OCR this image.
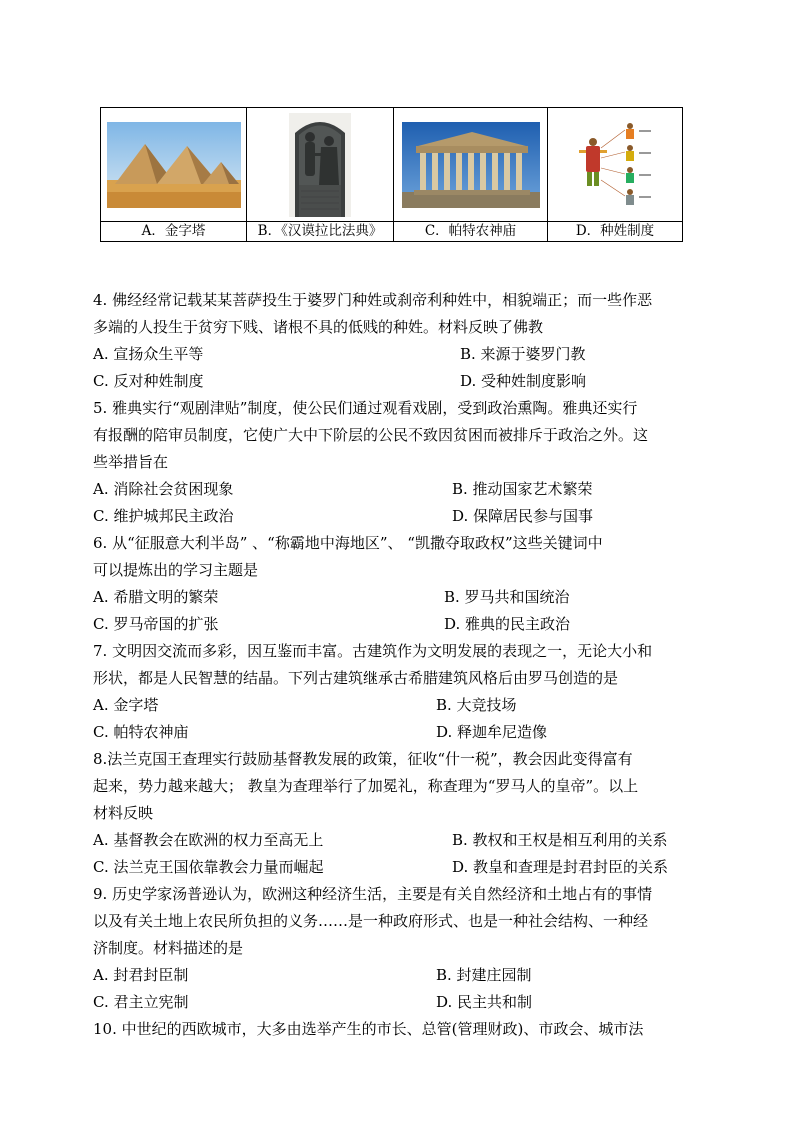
A．金字塔	B．《汉谟拉比法典》	C．帕特农神庙	D．种姓制度
4. 佛经经常记载某某菩萨投生于婆罗门种姓或刹帝利种姓中，相貌端正；而一些作恶
多端的人投生于贫穷下贱、诸根不具的低贱的种姓。材料反映了佛教
A. 宣扬众生平等	B. 来源于婆罗门教
C. 反对种姓制度	D. 受种姓制度影响
5. 雅典实行“观剧津贴”制度，使公民们通过观看戏剧，受到政治熏陶。雅典还实行
有报酬的陪审员制度，它使广大中下阶层的公民不致因贫困而被排斥于政治之外。这
些举措旨在
A. 消除社会贫困现象	B. 推动国家艺术繁荣
C. 维护城邦民主政治	D. 保障居民参与国事
6. 从“征服意大利半岛” 、“称霸地中海地区”、 “凯撒夺取政权”这些关键词中
可以提炼出的学习主题是
A. 希腊文明的繁荣	B. 罗马共和国统治
C. 罗马帝国的扩张	D. 雅典的民主政治
7. 文明因交流而多彩，因互鉴而丰富。古建筑作为文明发展的表现之一，无论大小和
形状，都是人民智慧的结晶。下列古建筑继承古希腊建筑风格后由罗马创造的是
A. 金字塔	B. 大竞技场
C. 帕特农神庙	D. 释迦牟尼造像
8.法兰克国王查理实行鼓励基督教发展的政策，征收“什一税”，教会因此变得富有
起来，势力越来越大； 教皇为查理举行了加冕礼，称查理为“罗马人的皇帝”。以上
材料反映
A. 基督教会在欧洲的权力至高无上	B. 教权和王权是相互利用的关系
C. 法兰克王国依靠教会力量而崛起	D. 教皇和查理是封君封臣的关系
9. 历史学家汤普逊认为，欧洲这种经济生活，主要是有关自然经济和土地占有的事情
以及有关土地上农民所负担的义务……是一种政府形式、也是一种社会结构、一种经
济制度。材料描述的是
A. 封君封臣制	B. 封建庄园制
C. 君主立宪制	D. 民主共和制
10. 中世纪的西欧城市，大多由选举产生的市长、总管(管理财政)、市政会、城市法
